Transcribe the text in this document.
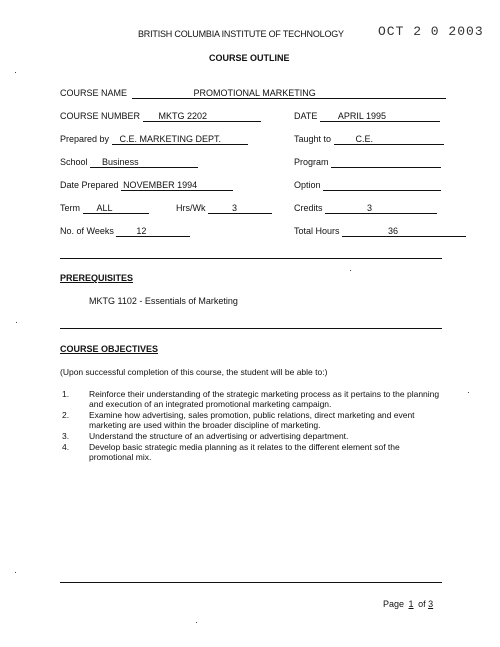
BRITISH COLUMBIA INSTITUTE OF TECHNOLOGY	OCT 2 0 2003
COURSE OUTLINE
COURSE NAME	PROMOTIONAL MARKETING
COURSE NUMBER MKTG 2202	DATE APRIL 1995
Prepared by C.E. MARKETING DEPT.	Taught to	C.E.
School Business	Program
Date Prepared NOVEMBER 1994	Option
Term ALL	Hrs/Wk	3	Credits	3
No. of Weeks	12	Total Hours	36
PREREQUISITES
MKTG 1102 - Essentials of Marketing
COURSE OBJECTIVES
(Upon successful completion of this course, the student will be able to:)
1. Reinforce their understanding of the strategic marketing process as it pertains to the planning and execution of an integrated promotional marketing campaign.
2. Examine how advertising, sales promotion, public relations, direct marketing and event marketing are used within the broader discipline of marketing.
3. Understand the structure of an advertising or advertising department.
4. Develop basic strategic media planning as it relates to the different element sof the promotional mix.
Page 1 of 3
